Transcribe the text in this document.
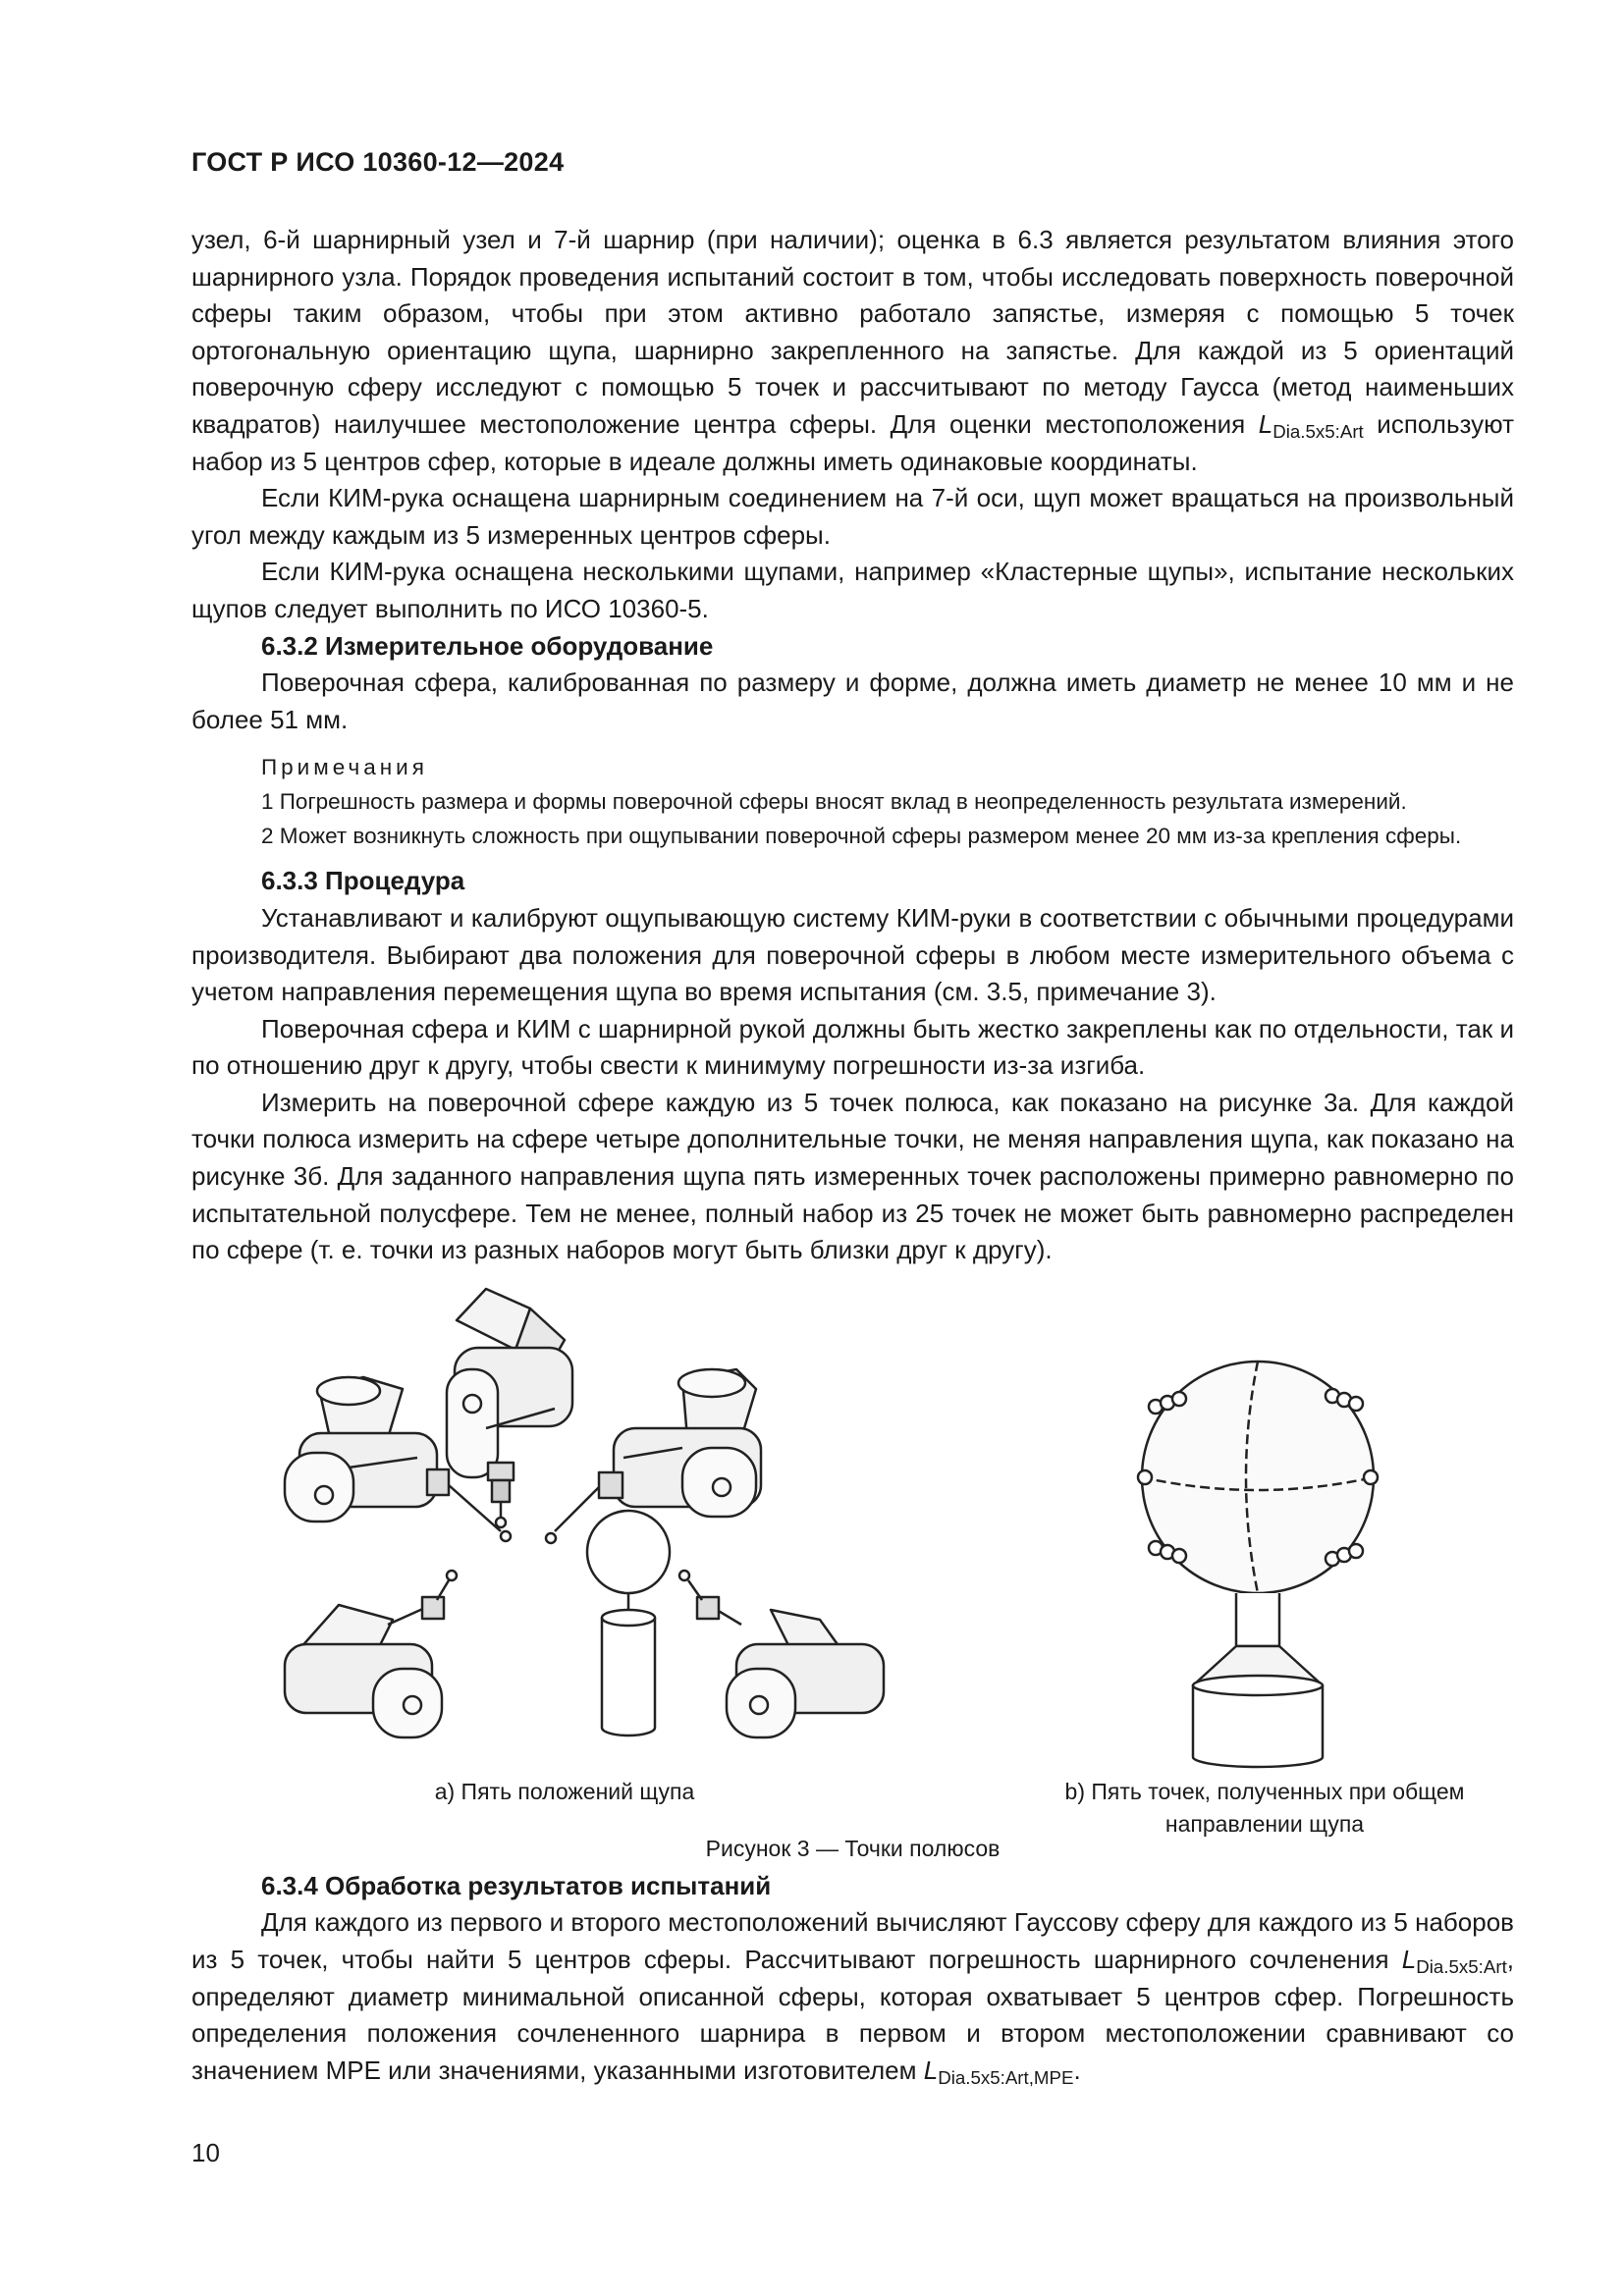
ГОСТ Р ИСО 10360-12—2024

узел, 6-й шарнирный узел и 7-й шарнир (при наличии); оценка в 6.3 является результатом влияния этого шарнирного узла. Порядок проведения испытаний состоит в том, чтобы исследовать поверхность поверочной сферы таким образом, чтобы при этом активно работало запястье, измеряя с помощью 5 точек ортогональную ориентацию щупа, шарнирно закрепленного на запястье. Для каждой из 5 ориентаций поверочную сферу исследуют с помощью 5 точек и рассчитывают по методу Гаусса (метод наименьших квадратов) наилучшее местоположение центра сферы. Для оценки местоположения $L_{Dia.5x5:Art}$ используют набор из 5 центров сфер, которые в идеале должны иметь одинаковые координаты.

Если КИМ-рука оснащена шарнирным соединением на 7-й оси, щуп может вращаться на произвольный угол между каждым из 5 измеренных центров сферы.

Если КИМ-рука оснащена несколькими щупами, например «Кластерные щупы», испытание нескольких щупов следует выполнить по ИСО 10360-5.

6.3.2 Измерительное оборудование

Поверочная сфера, калиброванная по размеру и форме, должна иметь диаметр не менее 10 мм и не более 51 мм.

Примечания

1 Погрешность размера и формы поверочной сферы вносят вклад в неопределенность результата измерений.

2 Может возникнуть сложность при ощупывании поверочной сферы размером менее 20 мм из-за крепления сферы.

6.3.3 Процедура

Устанавливают и калибруют ощупывающую систему КИМ-руки в соответствии с обычными процедурами производителя. Выбирают два положения для поверочной сферы в любом месте измерительного объема с учетом направления перемещения щупа во время испытания (см. 3.5, примечание 3).

Поверочная сфера и КИМ с шарнирной рукой должны быть жестко закреплены как по отдельности, так и по отношению друг к другу, чтобы свести к минимуму погрешности из-за изгиба.

Измерить на поверочной сфере каждую из 5 точек полюса, как показано на рисунке 3а. Для каждой точки полюса измерить на сфере четыре дополнительные точки, не меняя направления щупа, как показано на рисунке 3б. Для заданного направления щупа пять измеренных точек расположены примерно равномерно по испытательной полусфере. Тем не менее, полный набор из 25 точек не может быть равномерно распределен по сфере (т. е. точки из разных наборов могут быть близки друг к другу).

a) Пять положений щупа	b) Пять точек, полученных при общем направлении щупа
Рисунок 3 — Точки полюсов

6.3.4 Обработка результатов испытаний

Для каждого из первого и второго местоположений вычисляют Гауссову сферу для каждого из 5 наборов из 5 точек, чтобы найти 5 центров сферы. Рассчитывают погрешность шарнирного сочленения $L_{Dia.5x5:Art}$, определяют диаметр минимальной описанной сферы, которая охватывает 5 центров сфер. Погрешность определения положения сочлененного шарнира в первом и втором местоположении сравнивают со значением МРЕ или значениями, указанными изготовителем $L_{Dia.5x5:Art,MPE}$.

10
